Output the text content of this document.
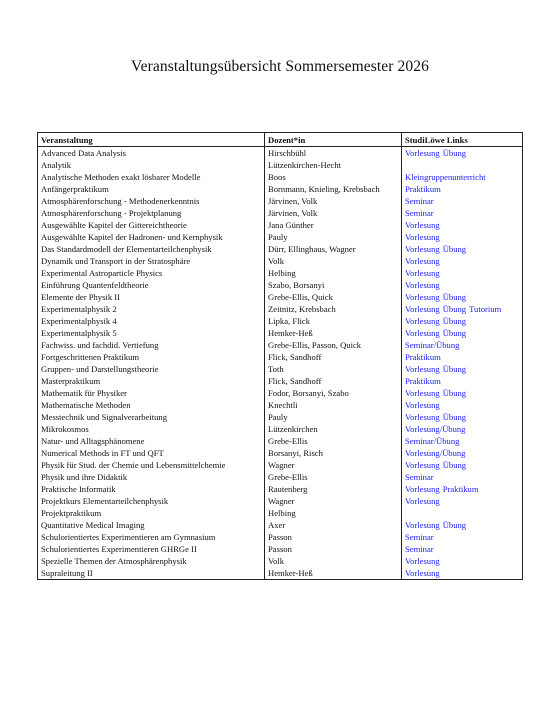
Veranstaltungsübersicht Sommersemester 2026
Veranstaltung	Dozent*in	StudiLöwe Links
Advanced Data Analysis	Hirschbühl	Vorlesung Übung
Analytik	Lützenkirchen-Hecht	
Analytische Methoden exakt lösbarer Modelle	Boos	Kleingruppenunterricht
Anfängerpraktikum	Bornmann, Knieling, Krebsbach	Praktikum
Atmosphärenforschung - Methodenerkenntnis	Järvinen, Volk	Seminar
Atmosphärenforschung - Projektplanung	Järvinen, Volk	Seminar
Ausgewählte Kapitel der Gittereichtheorie	Jana Günther	Vorlesung
Ausgewählte Kapitel der Hadronen- und Kernphysik	Pauly	Vorlesung
Das Standardmodell der Elementarteilchenphysik	Dürr, Ellinghaus, Wagner	Vorlesung Übung
Dynamik und Transport in der Stratosphäre	Volk	Vorlesung
Experimental Astroparticle Physics	Helbing	Vorlesung
Einführung Quantenfeldtheorie	Szabo, Borsanyi	Vorlesung
Elemente der Physik II	Grebe-Ellis, Quick	Vorlesung Übung
Experimentalphysik 2	Zeitnitz, Krebsbach	Vorlesung Übung Tutorium
Experimentalphysik 4	Lipka, Flick	Vorlesung Übung
Experimentalphysik 5	Hemker-Heß	Vorlesung Übung
Fachwiss. und fachdid. Vertiefung	Grebe-Ellis, Passon, Quick	Seminar/Übung
Fortgeschrittenen Praktikum	Flick, Sandhoff	Praktikum
Gruppen- und Darstellungstheorie	Toth	Vorlesung Übung
Masterpraktikum	Flick, Sandhoff	Praktikum
Mathematik für Physiker	Fodor, Borsanyi, Szabo	Vorlesung Übung
Mathematische Methoden	Knechtli	Vorlesung
Messtechnik und Signalverarbeitung	Pauly	Vorlesung Übung
Mikrokosmos	Lützenkirchen	Vorlesung/Übung
Natur- und Alltagsphänomene	Grebe-Ellis	Seminar/Übung
Numerical Methods in FT und QFT	Borsanyi, Risch	Vorlesung/Übung
Physik für Stud. der Chemie und Lebensmittelchemie	Wagner	Vorlesung Übung
Physik und ihre Didaktik	Grebe-Ellis	Seminar
Praktische Informatik	Rautenberg	Vorlesung Praktikum
Projektkurs Elementarteilchenphysik	Wagner	Vorlesung
Projektpraktikum	Helbing	
Quantitative Medical Imaging	Axer	Vorlesung Übung
Schulorientiertes Experimentieren am Gymnasium	Passon	Seminar
Schulorientiertes Experimentieren GHRGe II	Passon	Seminar
Spezielle Themen der Atmosphärenphysik	Volk	Vorlesung
Supraleitung II	Hemker-Heß	Vorlesung
